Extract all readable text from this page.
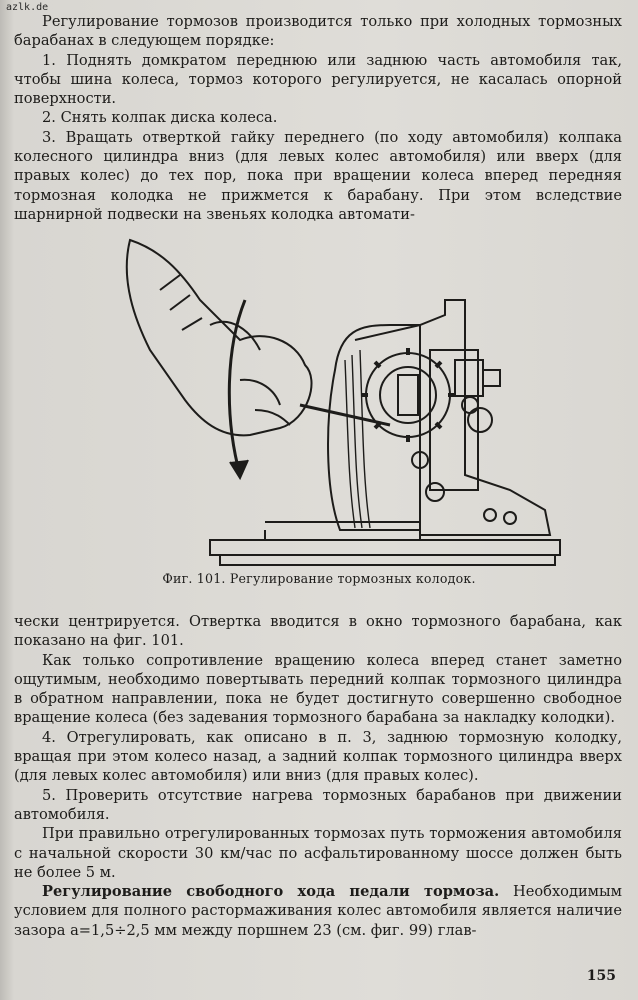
azlk.de

Регулирование тормозов производится только при холодных тормозных барабанах в следующем порядке:

1. Поднять домкратом переднюю или заднюю часть автомобиля так, чтобы шина колеса, тормоз которого регулируется, не касалась опорной поверхности.

2. Снять колпак диска колеса.

3. Вращать отверткой гайку переднего (по ходу автомобиля) колпака колесного цилиндра вниз (для левых колес автомобиля) или вверх (для правых колес) до тех пор, пока при вращении колеса вперед передняя тормозная колодка не прижмется к барабану. При этом вследствие шарнирной подвески на звеньях колодка автомати-

Фиг. 101. Регулирование тормозных колодок.

чески центрируется. Отвертка вводится в окно тормозного барабана, как показано на фиг. 101.

Как только сопротивление вращению колеса вперед станет заметно ощутимым, необходимо повертывать передний колпак тормозного цилиндра в обратном направлении, пока не будет достигнуто совершенно свободное вращение колеса (без задевания тормозного барабана за накладку колодки).

4. Отрегулировать, как описано в п. 3, заднюю тормозную колодку, вращая при этом колесо назад, а задний колпак тормозного цилиндра вверх (для левых колес автомобиля) или вниз (для правых колес).

5. Проверить отсутствие нагрева тормозных барабанов при движении автомобиля.

При правильно отрегулированных тормозах путь торможения автомобиля с начальной скорости 30 км/час по асфальтированному шоссе должен быть не более 5 м.

Регулирование свободного хода педали тормоза. Необходимым условием для полного растормаживания колес автомобиля является наличие зазора a=1,5÷2,5 мм между поршнем 23 (см. фиг. 99) глав-

155
